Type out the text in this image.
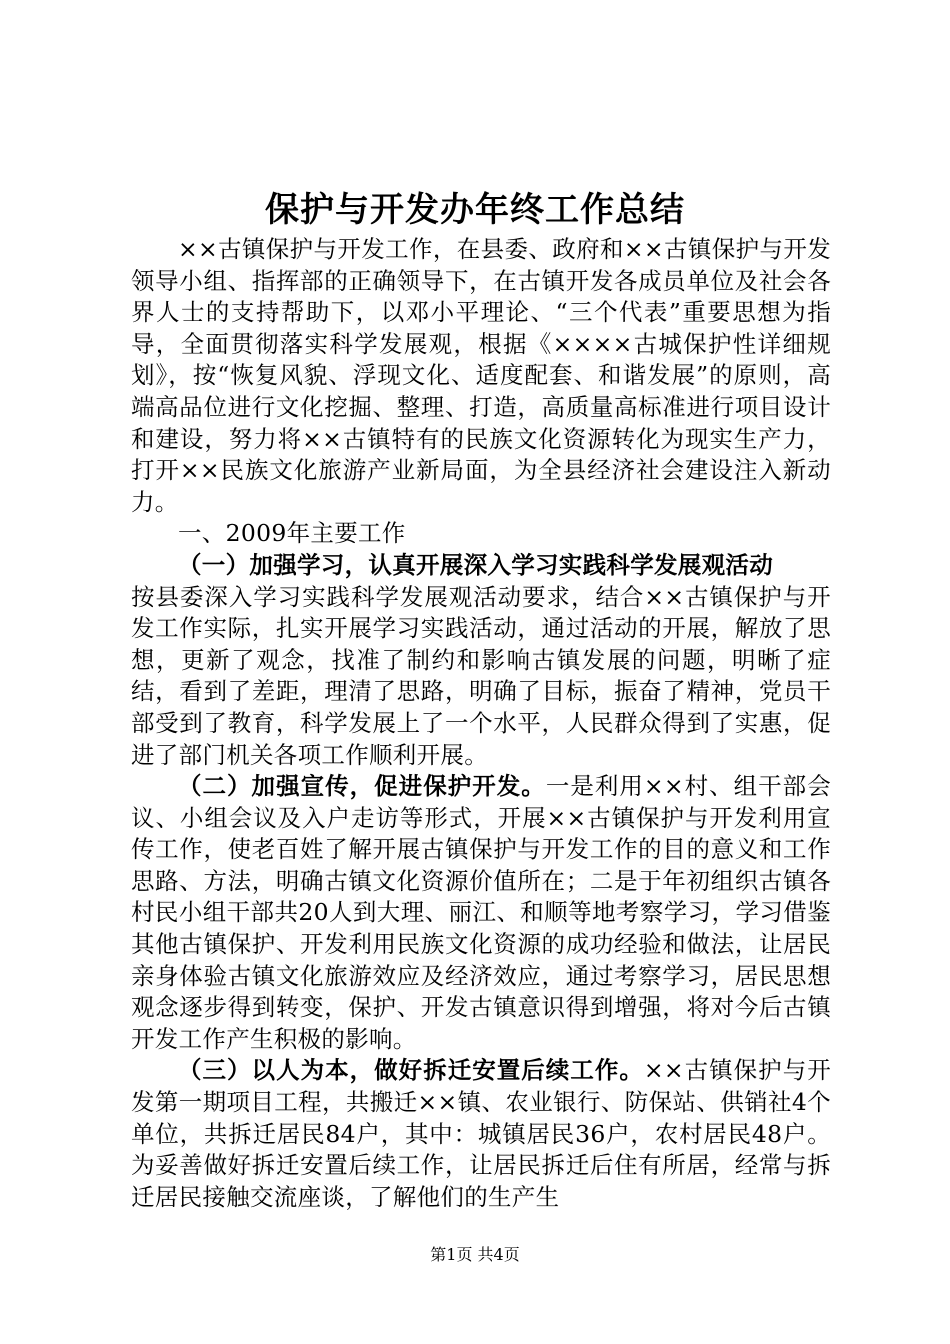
保护与开发办年终工作总结

××古镇保护与开发工作，在县委、政府和××古镇保护与开发领导小组、指挥部的正确领导下，在古镇开发各成员单位及社会各界人士的支持帮助下，以邓小平理论、“三个代表”重要思想为指导，全面贯彻落实科学发展观，根据《××××古城保护性详细规划》，按“恢复风貌、浮现文化、适度配套、和谐发展”的原则，高端高品位进行文化挖掘、整理、打造，高质量高标准进行项目设计和建设，努力将××古镇特有的民族文化资源转化为现实生产力，打开××民族文化旅游产业新局面，为全县经济社会建设注入新动力。

一、2009年主要工作

（一）加强学习，认真开展深入学习实践科学发展观活动

按县委深入学习实践科学发展观活动要求，结合××古镇保护与开发工作实际，扎实开展学习实践活动，通过活动的开展，解放了思想，更新了观念，找准了制约和影响古镇发展的问题，明晰了症结，看到了差距，理清了思路，明确了目标，振奋了精神，党员干部受到了教育，科学发展上了一个水平，人民群众得到了实惠，促进了部门机关各项工作顺利开展。

（二）加强宣传，促进保护开发。一是利用××村、组干部会议、小组会议及入户走访等形式，开展××古镇保护与开发利用宣传工作，使老百姓了解开展古镇保护与开发工作的目的意义和工作思路、方法，明确古镇文化资源价值所在；二是于年初组织古镇各村民小组干部共20人到大理、丽江、和顺等地考察学习，学习借鉴其他古镇保护、开发利用民族文化资源的成功经验和做法，让居民亲身体验古镇文化旅游效应及经济效应，通过考察学习，居民思想观念逐步得到转变，保护、开发古镇意识得到增强，将对今后古镇开发工作产生积极的影响。

（三）以人为本，做好拆迁安置后续工作。××古镇保护与开发第一期项目工程，共搬迁××镇、农业银行、防保站、供销社4个单位，共拆迁居民84户，其中：城镇居民36户，农村居民48户。为妥善做好拆迁安置后续工作，让居民拆迁后住有所居，经常与拆迁居民接触交流座谈，了解他们的生产生

第1页 共4页
